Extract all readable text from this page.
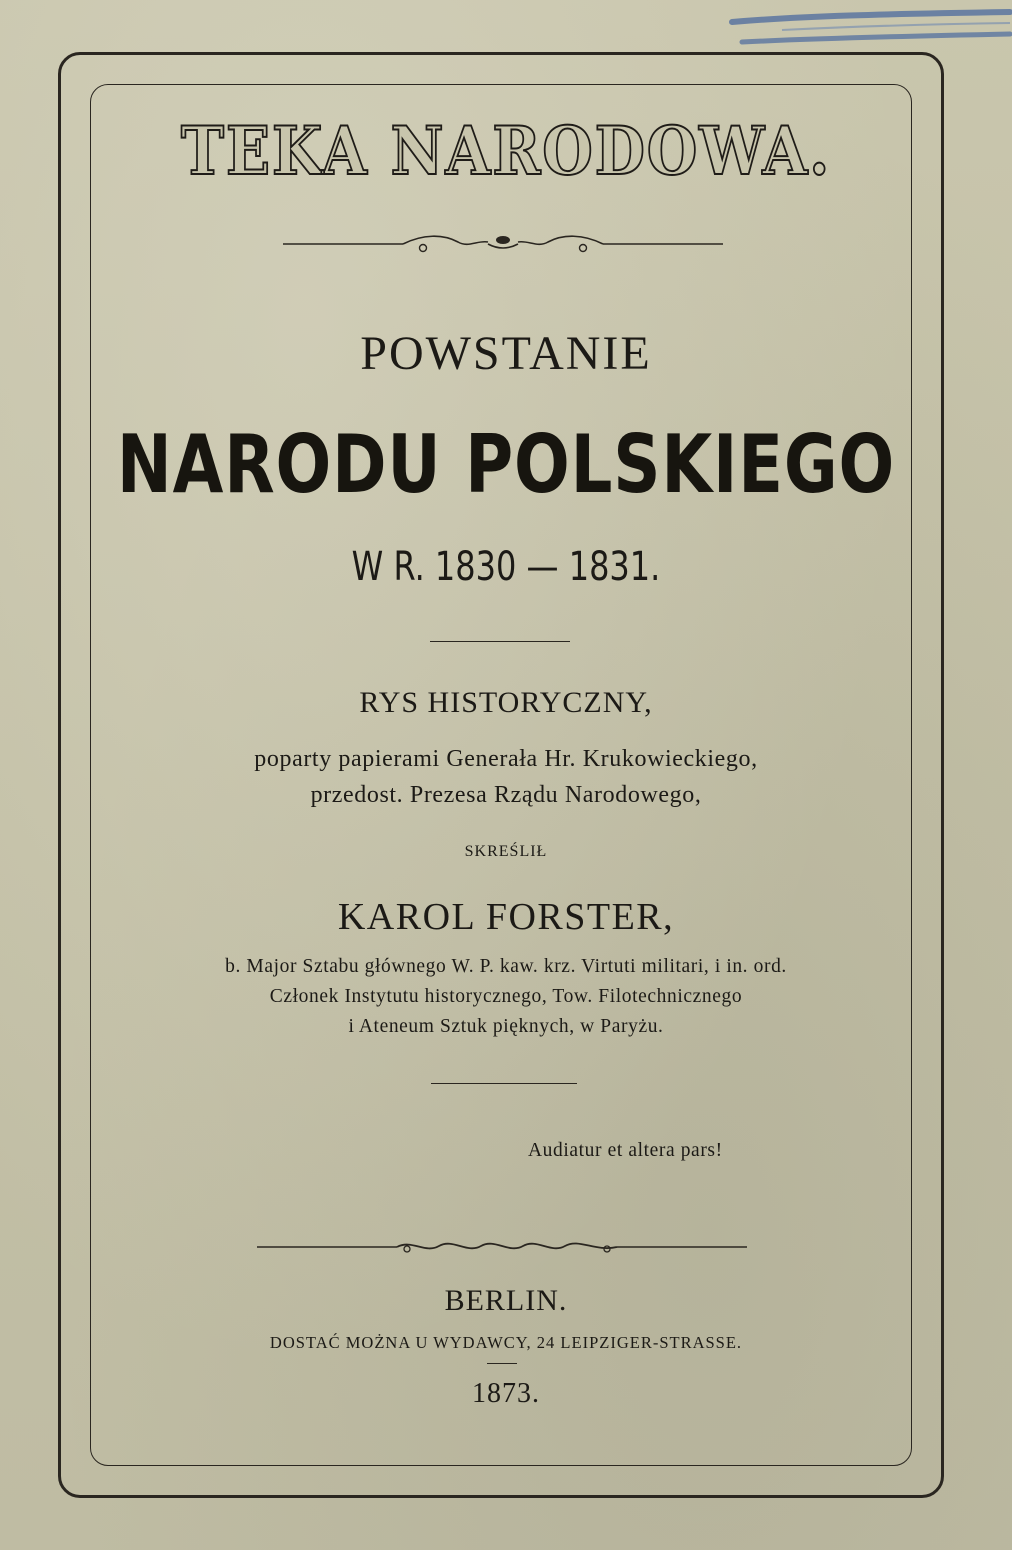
TEKA NARODOWA.
POWSTANIE
NARODU POLSKIEGO
W R. 1830 — 1831.
RYS HISTORYCZNY,
poparty papierami Generała Hr. Krukowieckiego,
przedost. Prezesa Rządu Narodowego,
SKREŚLIŁ
KAROL FORSTER,
b. Major Sztabu głównego W. P. kaw. krz. Virtuti militari, i in. ord.
Członek Instytutu historycznego, Tow. Filotechnicznego
i Ateneum Sztuk pięknych, w Paryżu.
Audiatur et altera pars!
BERLIN.
DOSTAĆ MOŻNA U WYDAWCY, 24 LEIPZIGER-STRASSE.
1873.
